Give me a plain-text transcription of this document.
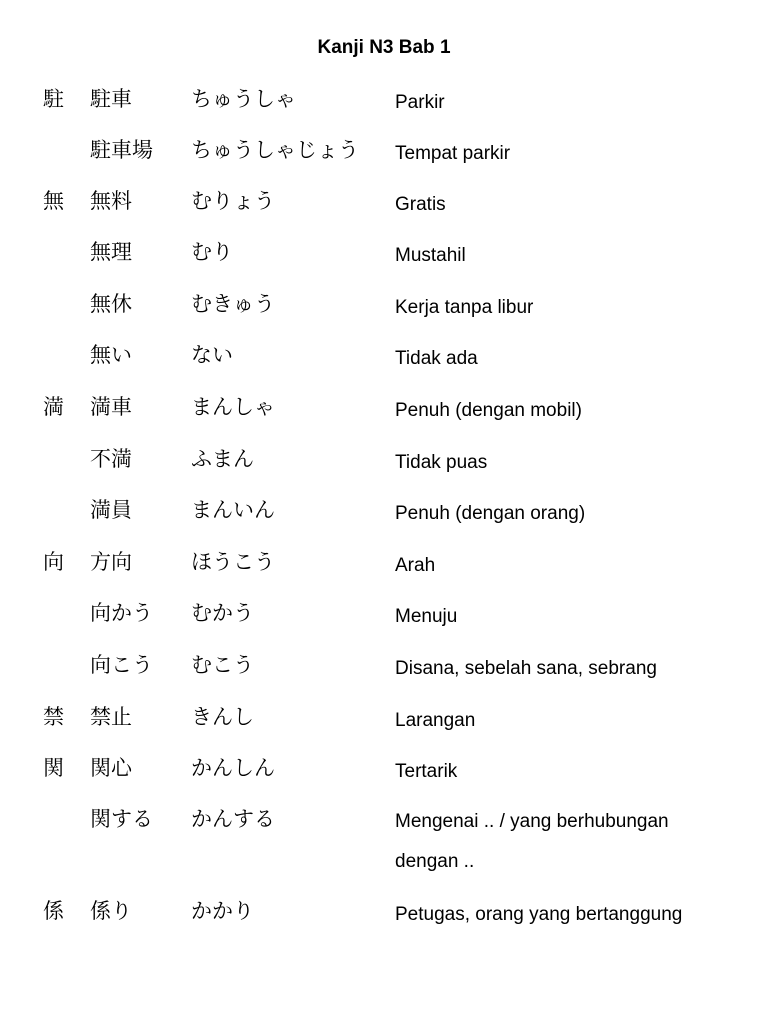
Kanji N3 Bab 1
駐 駐車	ちゅうしゃ	Parkir
駐車場 ちゅうしゃじょう Tempat parkir
無 無料	むりょう	Gratis
無理	むり	Mustahil
無休	むきゅう	Kerja tanpa libur
無い	ない	Tidak ada
満 満車	まんしゃ	Penuh (dengan mobil)
不満	ふまん	Tidak puas
満員	まんいん	Penuh (dengan orang)
向 方向	ほうこう	Arah
向かう むかう	Menuju
向こう むこう	Disana, sebelah sana, sebrang
禁 禁止	きんし	Larangan
関 関心	かんしん	Tertarik
関する かんする	Mengenai .. / yang berhubungan dengan ..
係 係り	かかり	Petugas, orang yang bertanggung
